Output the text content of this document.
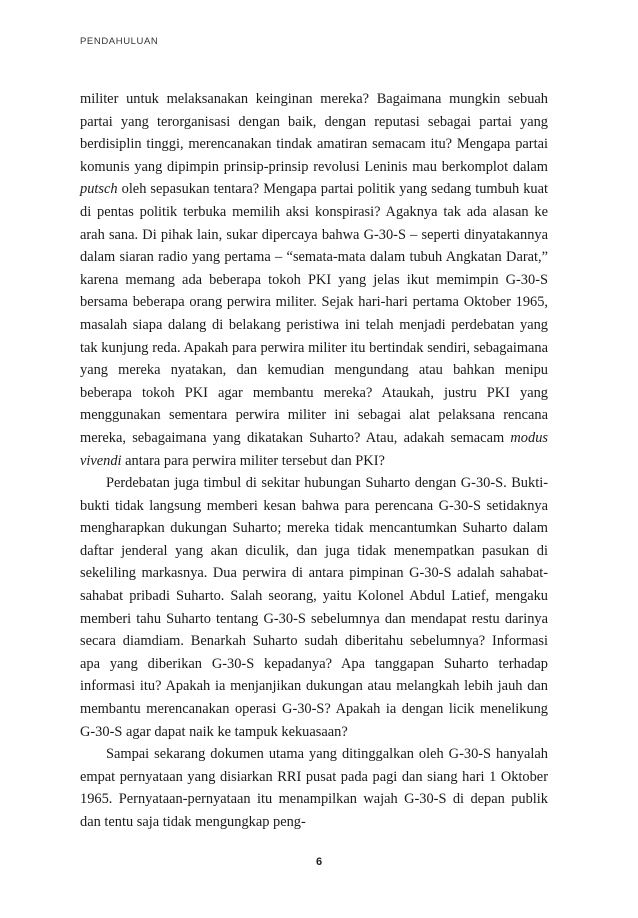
PENDAHULUAN

militer untuk melaksanakan keinginan mereka? Bagaimana mungkin sebuah partai yang terorganisasi dengan baik, dengan reputasi sebagai partai yang berdisiplin tinggi, merencanakan tindak amatiran semacam itu? Mengapa partai komunis yang dipimpin prinsip-prinsip revolusi Leninis mau berkomplot dalam putsch oleh sepasukan tentara? Mengapa partai politik yang sedang tumbuh kuat di pentas politik terbuka memilih aksi konspirasi? Agaknya tak ada alasan ke arah sana. Di pihak lain, sukar dipercaya bahwa G-30-S – seperti dinyatakannya dalam siaran radio yang pertama – “semata-mata dalam tubuh Angkatan Darat,” karena memang ada beberapa tokoh PKI yang jelas ikut memimpin G-30-S bersama beberapa orang perwira militer. Sejak hari-hari pertama Oktober 1965, masalah siapa dalang di belakang peristiwa ini telah menjadi perdebatan yang tak kunjung reda. Apakah para perwira militer itu bertindak sendiri, sebagaimana yang mereka nyatakan, dan kemudian mengundang atau bahkan menipu beberapa tokoh PKI agar membantu mereka? Ataukah, justru PKI yang menggunakan sementara perwira militer ini sebagai alat pelaksana rencana mereka, sebagaimana yang dikatakan Suharto? Atau, adakah semacam modus vivendi antara para perwira militer tersebut dan PKI?

Perdebatan juga timbul di sekitar hubungan Suharto dengan G-30-S. Bukti-bukti tidak langsung memberi kesan bahwa para perencana G-30-S setidaknya mengharapkan dukungan Suharto; mereka tidak mencantumkan Suharto dalam daftar jenderal yang akan diculik, dan juga tidak menempatkan pasukan di sekeliling markasnya. Dua perwira di antara pimpinan G-30-S adalah sahabat-sahabat pribadi Suharto. Salah seorang, yaitu Kolonel Abdul Latief, mengaku memberi tahu Suharto tentang G-30-S sebelumnya dan mendapat restu darinya secara diamdiam. Benarkah Suharto sudah diberitahu sebelumnya? Informasi apa yang diberikan G-30-S kepadanya? Apa tanggapan Suharto terhadap informasi itu? Apakah ia menjanjikan dukungan atau melangkah lebih jauh dan membantu merencanakan operasi G-30-S? Apakah ia dengan licik menelikung G-30-S agar dapat naik ke tampuk kekuasaan?

Sampai sekarang dokumen utama yang ditinggalkan oleh G-30-S hanyalah empat pernyataan yang disiarkan RRI pusat pada pagi dan siang hari 1 Oktober 1965. Pernyataan-pernyataan itu menampilkan wajah G-30-S di depan publik dan tentu saja tidak mengungkap peng-

6
